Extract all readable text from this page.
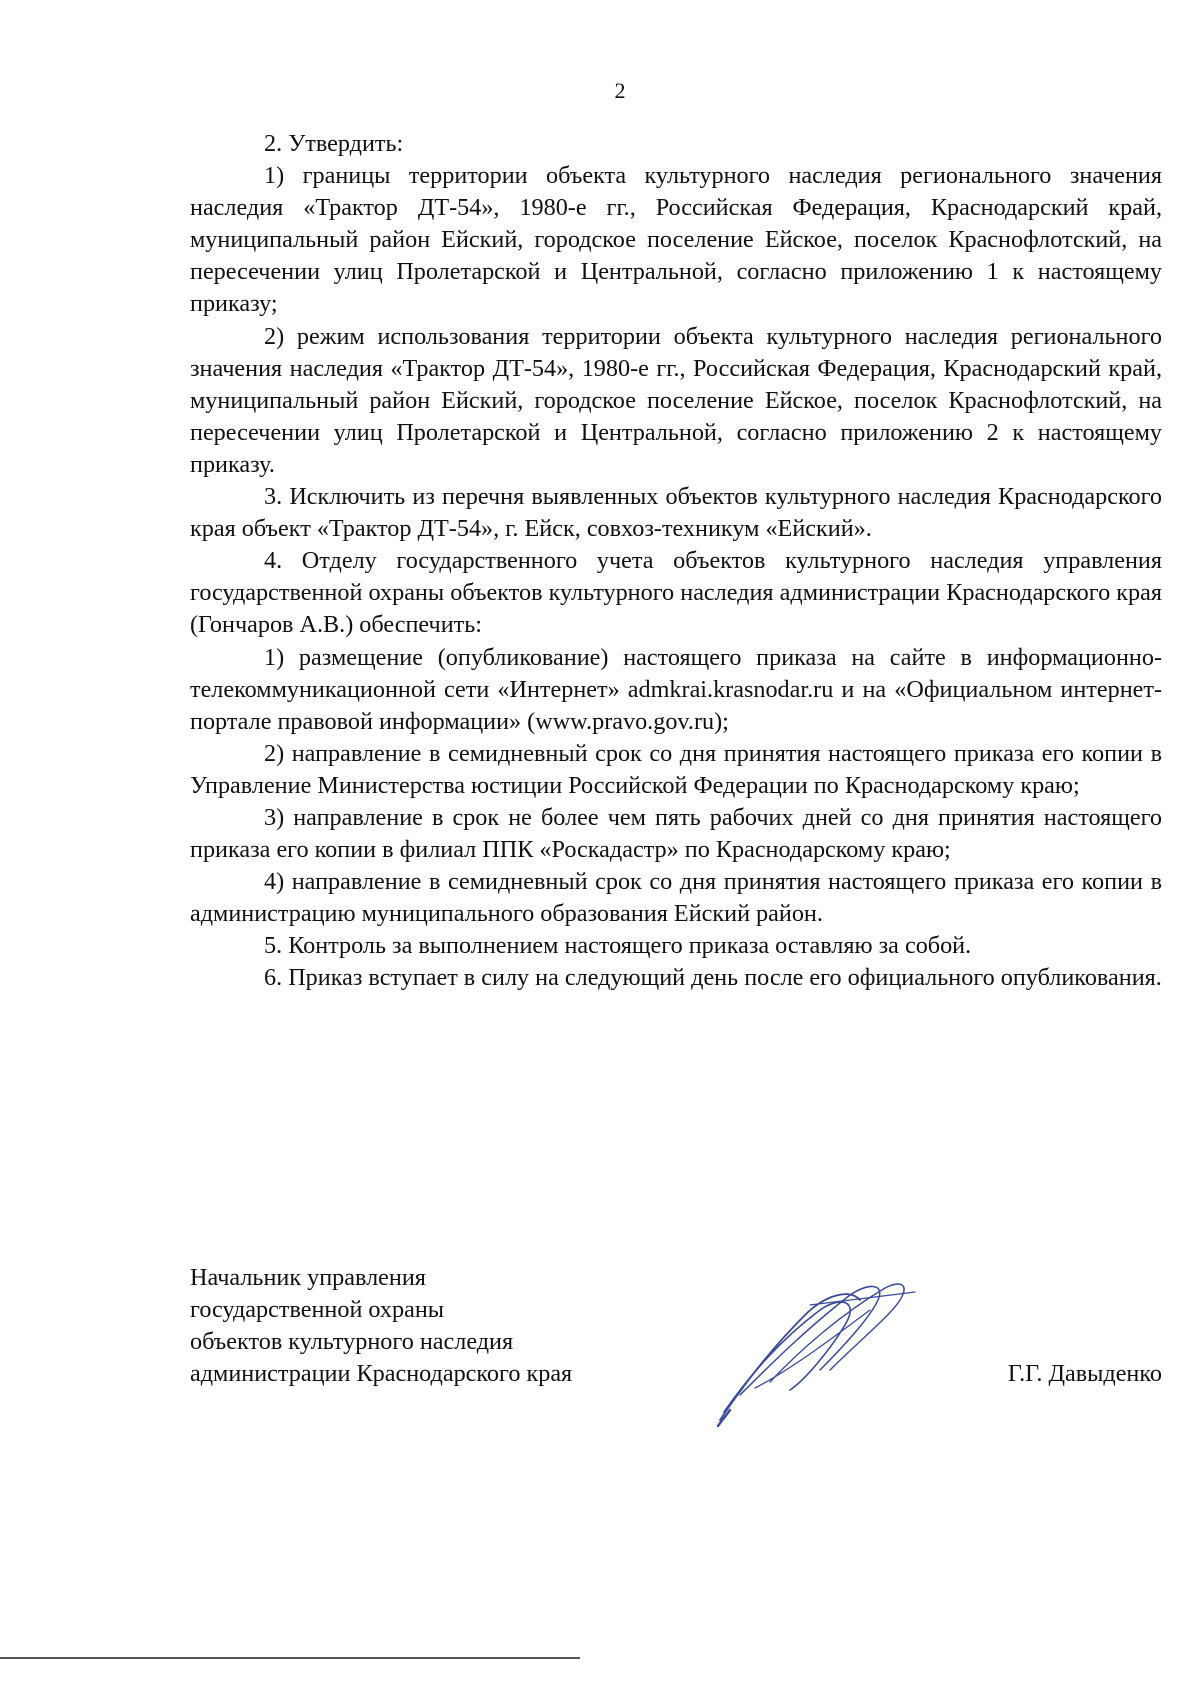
2

2. Утвердить:

1) границы территории объекта культурного наследия регионального значения наследия «Трактор ДТ-54», 1980-е гг., Российская Федерация, Краснодарский край, муниципальный район Ейский, городское поселение Ейское, поселок Краснофлотский, на пересечении улиц Пролетарской и Центральной, согласно приложению 1 к настоящему приказу;

2) режим использования территории объекта культурного наследия регионального значения наследия «Трактор ДТ-54», 1980-е гг., Российская Федерация, Краснодарский край, муниципальный район Ейский, городское поселение Ейское, поселок Краснофлотский, на пересечении улиц Пролетарской и Центральной, согласно приложению 2 к настоящему приказу.

3. Исключить из перечня выявленных объектов культурного наследия Краснодарского края объект «Трактор ДТ-54», г. Ейск, совхоз-техникум «Ейский».

4. Отделу государственного учета объектов культурного наследия управления государственной охраны объектов культурного наследия администрации Краснодарского края (Гончаров А.В.) обеспечить:

1) размещение (опубликование) настоящего приказа на сайте в информационно-телекоммуникационной сети «Интернет» admkrai.krasnodar.ru и на «Официальном интернет-портале правовой информации» (www.pravo.gov.ru);

2) направление в семидневный срок со дня принятия настоящего приказа его копии в Управление Министерства юстиции Российской Федерации по Краснодарскому краю;

3) направление в срок не более чем пять рабочих дней со дня принятия настоящего приказа его копии в филиал ППК «Роскадастр» по Краснодарскому краю;

4) направление в семидневный срок со дня принятия настоящего приказа его копии в администрацию муниципального образования Ейский район.

5. Контроль за выполнением настоящего приказа оставляю за собой.

6. Приказ вступает в силу на следующий день после его официального опубликования.

Начальник управления
государственной охраны
объектов культурного наследия
администрации Краснодарского края	Г.Г. Давыденко
